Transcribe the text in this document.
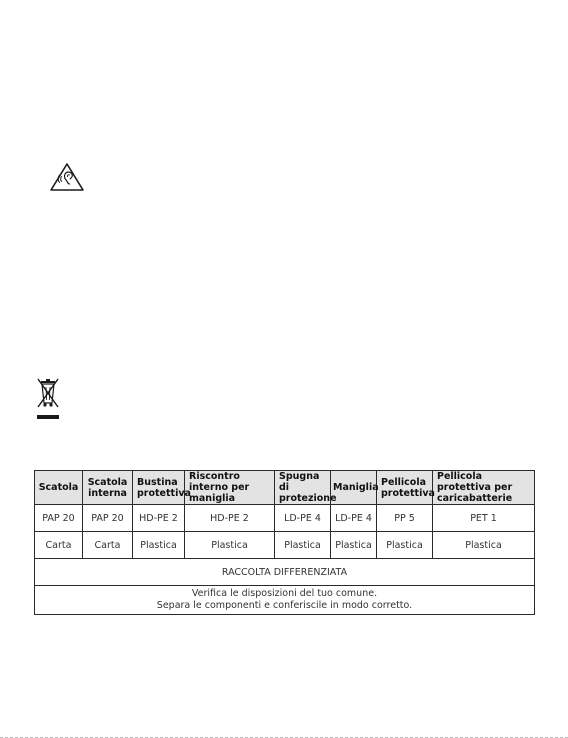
Scatola	Scatola interna	Bustina protettiva	Riscontro interno per maniglia	Spugna di protezione	Maniglia	Pellicola protettiva	Pellicola protettiva per caricabatterie
PAP 20	PAP 20	HD-PE 2	HD-PE 2	LD-PE 4	LD-PE 4	PP 5	PET 1
Carta	Carta	Plastica	Plastica	Plastica	Plastica	Plastica	Plastica
RACCOLTA DIFFERENZIATA							

Verifica le disposizioni del tuo comune.
Separa le componenti e conferiscile in modo corretto.							
